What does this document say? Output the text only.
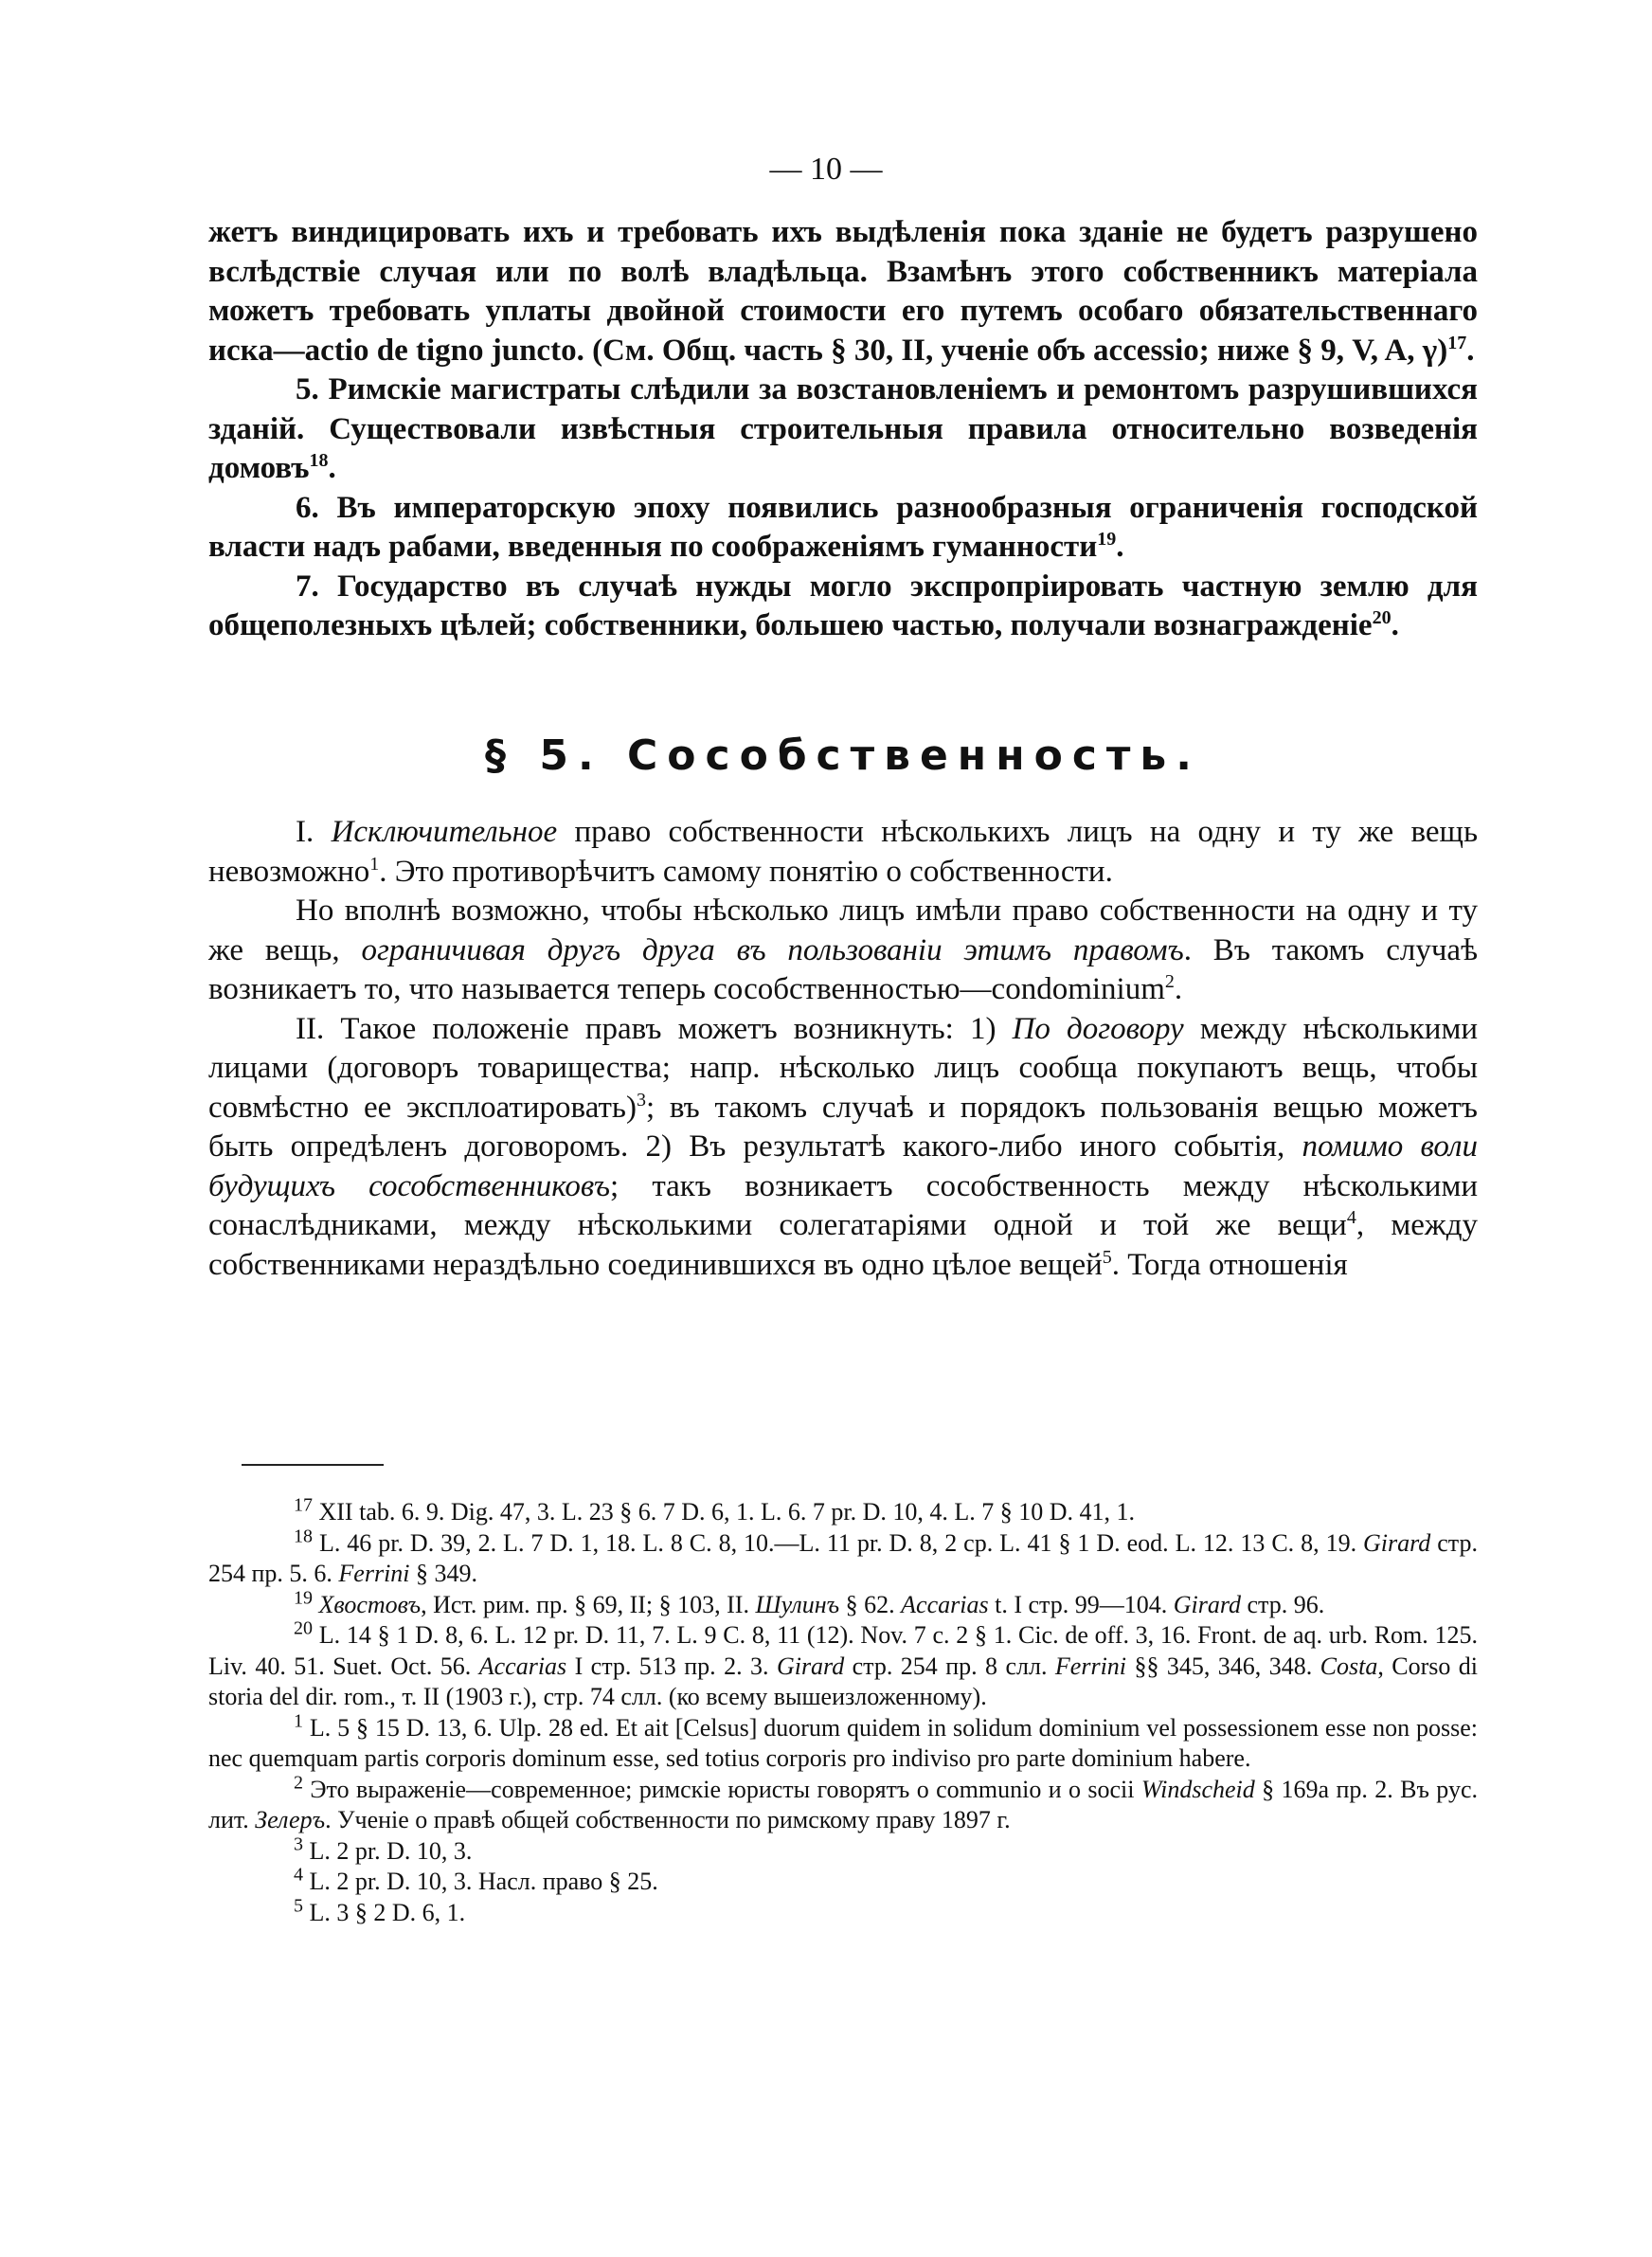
— 10 —

жетъ виндицировать ихъ и требовать ихъ выдѣленія пока зданіе не будетъ разрушено вслѣдствіе случая или по волѣ владѣльца. Взамѣнъ этого собственникъ матеріала можетъ требовать уплаты двойной стоимости его путемъ особаго обязательственнаго иска—actio de tigno juncto. (См. Общ. часть § 30, II, ученіе объ accessio; ниже § 9, V, A, γ)$^{17}$.

5. Римскіе магистраты слѣдили за возстановленіемъ и ремонтомъ разрушившихся зданій. Существовали извѣстныя строительныя правила относительно возведенія домовъ$^{18}$.

6. Въ императорскую эпоху появились разнообразныя ограниченія господской власти надъ рабами, введенныя по соображеніямъ гуманности$^{19}$.

7. Государство въ случаѣ нужды могло экспропріировать частную землю для общеполезныхъ цѣлей; собственники, большею частью, получали вознагражденіе$^{20}$.

§ 5. Сособственность.

I. Исключительное право собственности нѣсколькихъ лицъ на одну и ту же вещь невозможно$^1$. Это противорѣчитъ самому понятію о собственности.

Но вполнѣ возможно, чтобы нѣсколько лицъ имѣли право собственности на одну и ту же вещь, ограничивая другъ друга въ пользованіи этимъ правомъ. Въ такомъ случаѣ возникаетъ то, что называется теперь сособственностью—condominium$^2$.

II. Такое положеніе правъ можетъ возникнуть: 1) По договору между нѣсколькими лицами (договоръ товарищества; напр. нѣсколько лицъ сообща покупаютъ вещь, чтобы совмѣстно ее эксплоатировать)$^3$; въ такомъ случаѣ и порядокъ пользованія вещью можетъ быть опредѣленъ договоромъ. 2) Въ результатѣ какого-либо иного событія, помимо воли будущихъ сособственниковъ; такъ возникаетъ сособственность между нѣсколькими сонаслѣдниками, между нѣсколькими солегатаріями одной и той же вещи$^4$, между собственниками нераздѣльно соединившихся въ одно цѣлое вещей$^5$. Тогда отношенія

$^{17}$ XII tab. 6. 9. Dig. 47, 3. L. 23 § 6. 7 D. 6, 1. L. 6. 7 pr. D. 10, 4. L. 7 § 10 D. 41, 1.

$^{18}$ L. 46 pr. D. 39, 2. L. 7 D. 1, 18. L. 8 C. 8, 10.—L. 11 pr. D. 8, 2 ср. L. 41 § 1 D. eod. L. 12. 13 C. 8, 19. Girard стр. 254 пр. 5. 6. Ferrini § 349.

$^{19}$ Хвостовъ, Ист. рим. пр. § 69, II; § 103, II. Шулинъ § 62. Accarias t. I стр. 99—104. Girard стр. 96.

$^{20}$ L. 14 § 1 D. 8, 6. L. 12 pr. D. 11, 7. L. 9 C. 8, 11 (12). Nov. 7 c. 2 § 1. Cic. de off. 3, 16. Front. de aq. urb. Rom. 125. Liv. 40. 51. Suet. Oct. 56. Accarias I стр. 513 пр. 2. 3. Girard стр. 254 пр. 8 слл. Ferrini §§ 345, 346, 348. Costa, Corso di storia del dir. rom., т. II (1903 г.), стр. 74 слл. (ко всему вышеизложенному).

$^1$ L. 5 § 15 D. 13, 6. Ulp. 28 ed. Et ait [Celsus] duorum quidem in solidum dominium vel possessionem esse non posse: nec quemquam partis corporis dominum esse, sed totius corporis pro indiviso pro parte dominium habere.

$^2$ Это выраженіе—современное; римскіе юристы говорятъ о communio и о socii Windscheid § 169a пр. 2. Въ рус. лит. Зелеръ. Ученіе о правѣ общей собственности по римскому праву 1897 г.

$^3$ L. 2 pr. D. 10, 3.

$^4$ L. 2 pr. D. 10, 3. Насл. право § 25.

$^5$ L. 3 § 2 D. 6, 1.
